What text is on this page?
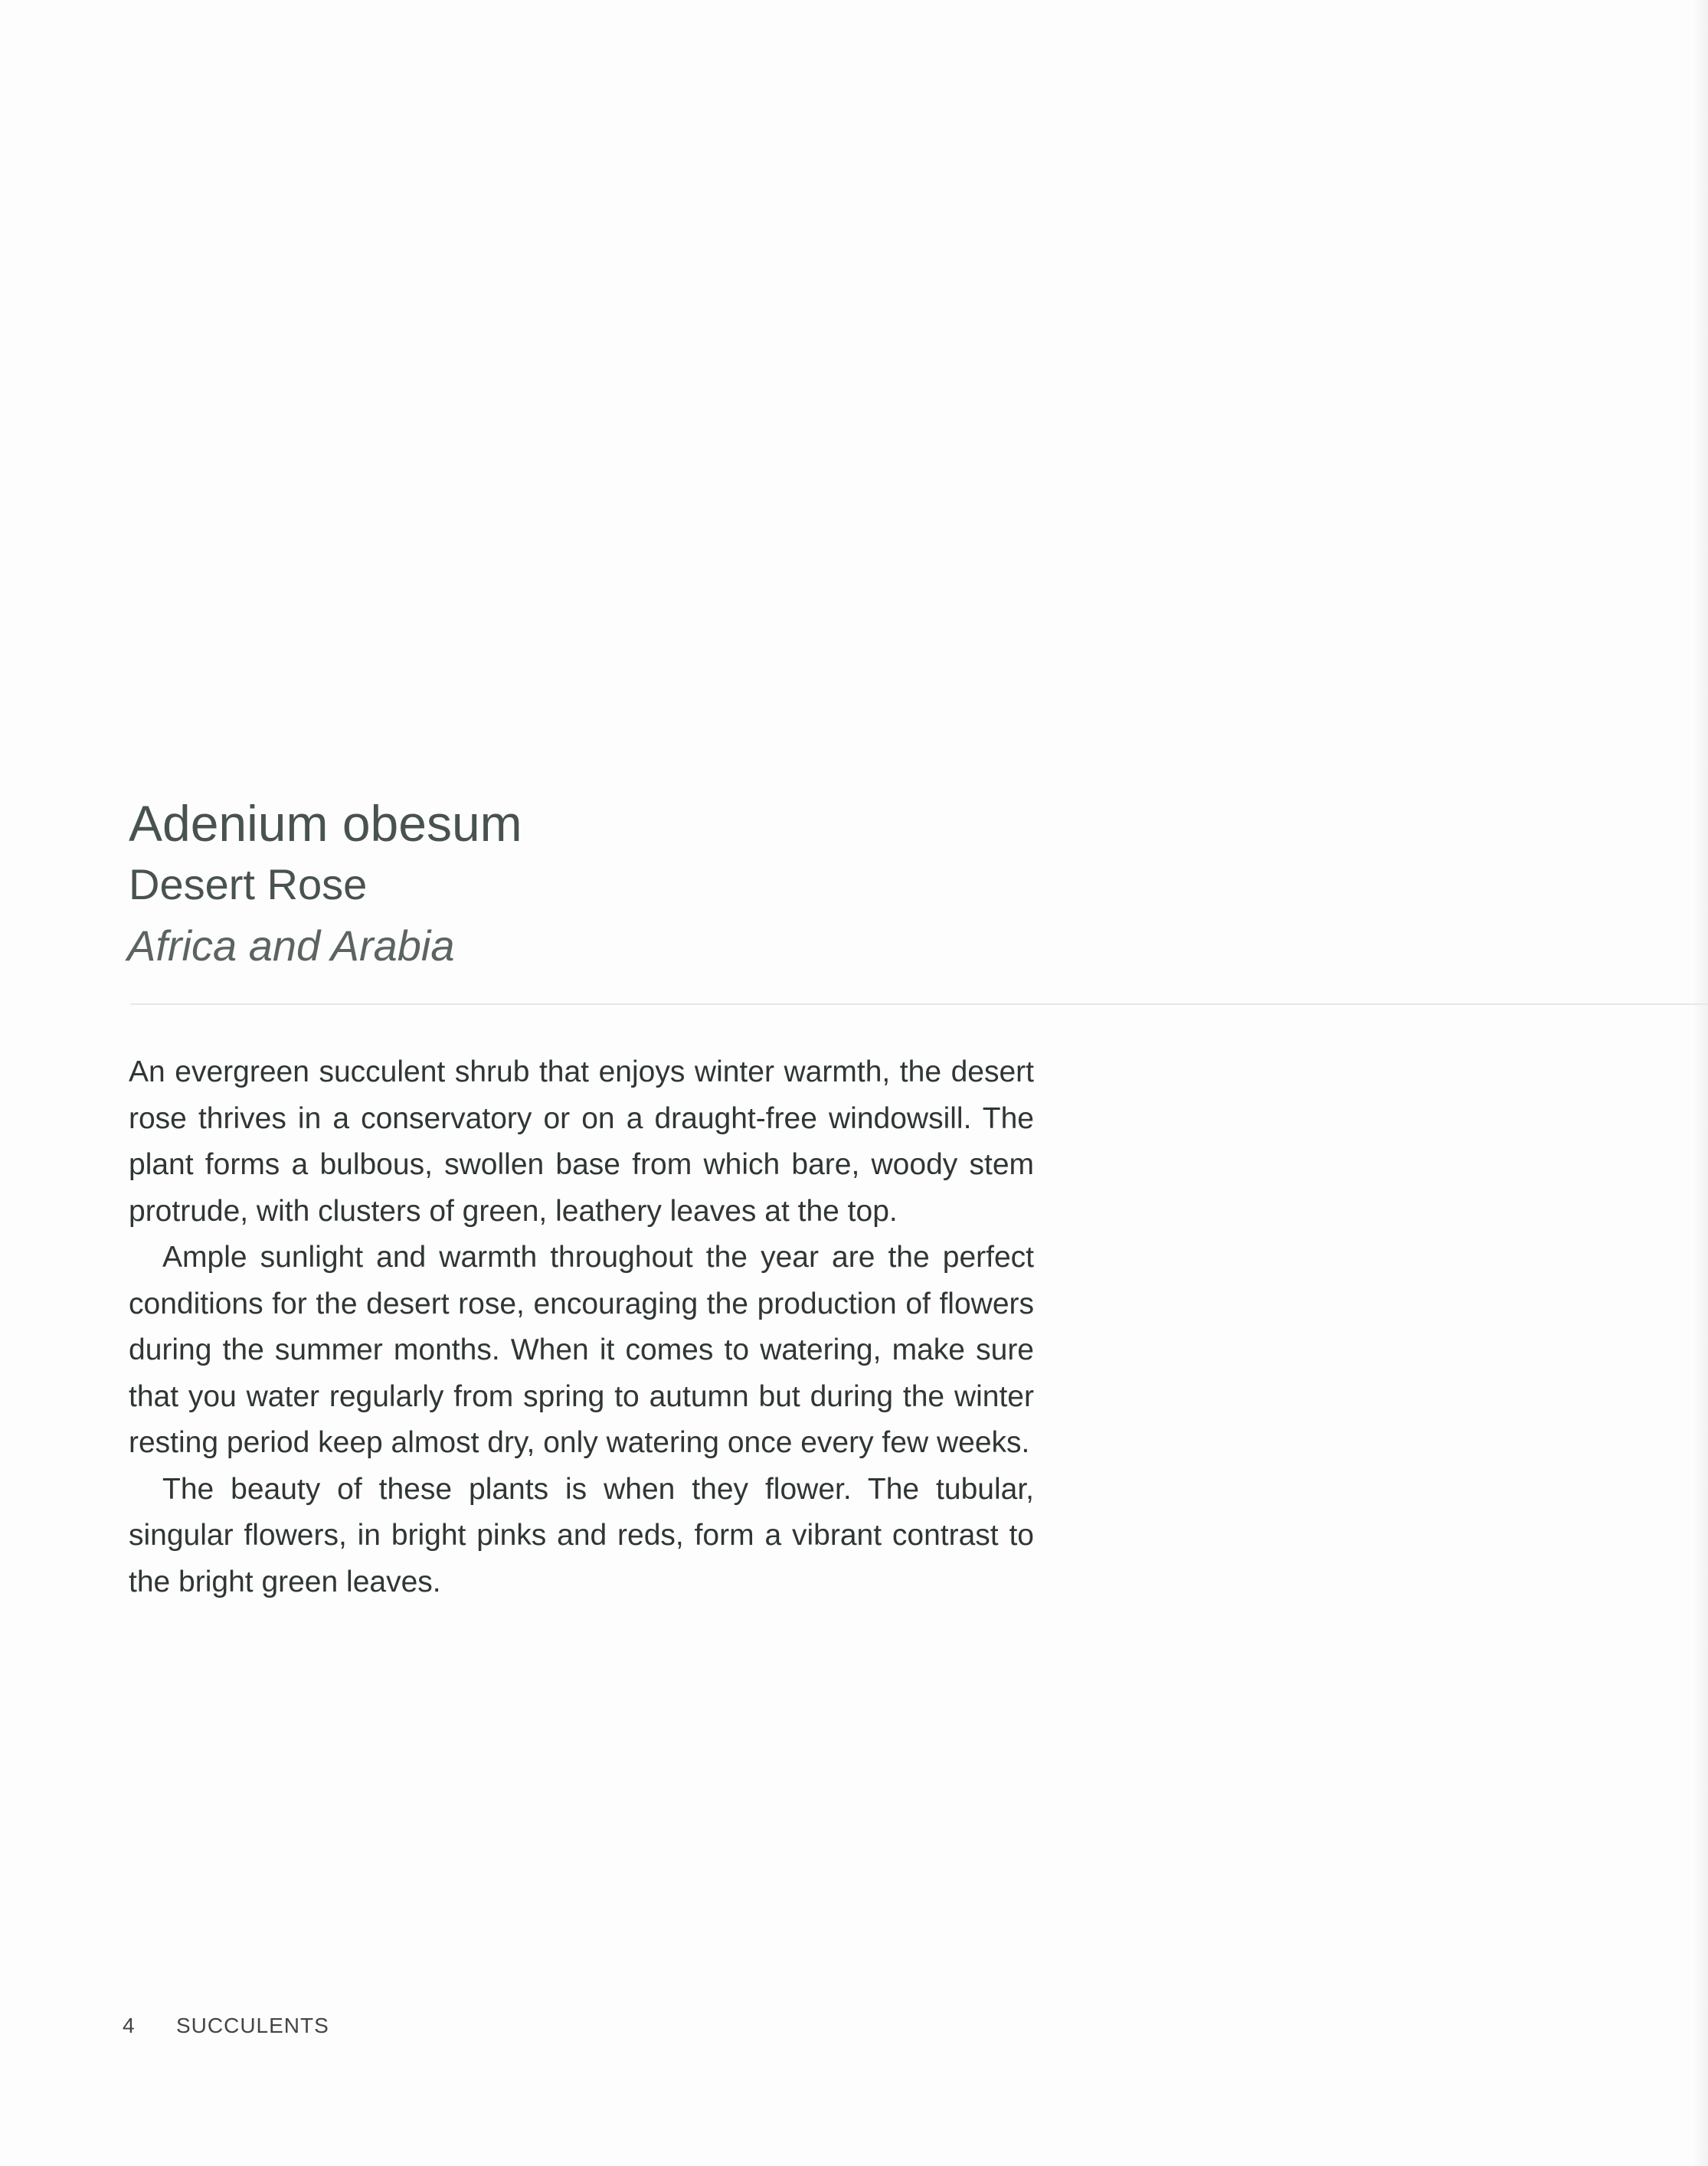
Adenium obesum
Desert Rose
Africa and Arabia

An evergreen succulent shrub that enjoys winter warmth, the desert rose thrives in a conservatory or on a draught-free windowsill. The plant forms a bulbous, swollen base from which bare, woody stem protrude, with clusters of green, leathery leaves at the top.

Ample sunlight and warmth throughout the year are the perfect conditions for the desert rose, encouraging the production of flowers during the summer months. When it comes to watering, make sure that you water regularly from spring to autumn but during the winter resting period keep almost dry, only watering once every few weeks.

The beauty of these plants is when they flower. The tubular, singular flowers, in bright pinks and reds, form a vibrant contrast to the bright green leaves.

4 SUCCULENTS
